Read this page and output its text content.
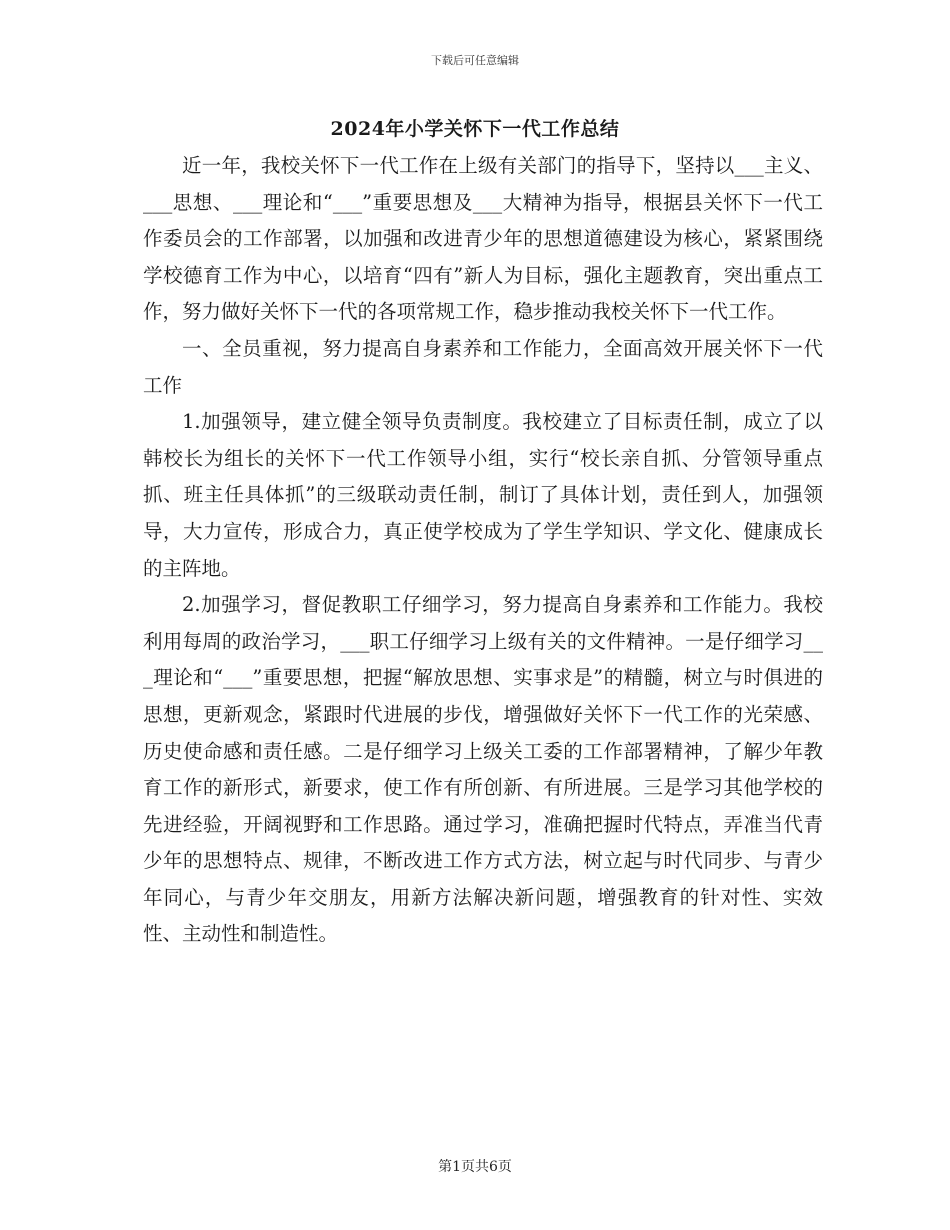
下载后可任意编辑
2024年小学关怀下一代工作总结

近一年，我校关怀下一代工作在上级有关部门的指导下，坚持以___主义、___思想、___理论和“___”重要思想及___大精神为指导，根据县关怀下一代工作委员会的工作部署，以加强和改进青少年的思想道德建设为核心，紧紧围绕学校德育工作为中心，以培育“四有”新人为目标，强化主题教育，突出重点工作，努力做好关怀下一代的各项常规工作，稳步推动我校关怀下一代工作。

一、全员重视，努力提高自身素养和工作能力，全面高效开展关怀下一代工作

1.加强领导，建立健全领导负责制度。我校建立了目标责任制，成立了以韩校长为组长的关怀下一代工作领导小组，实行“校长亲自抓、分管领导重点抓、班主任具体抓”的三级联动责任制，制订了具体计划，责任到人，加强领导，大力宣传，形成合力，真正使学校成为了学生学知识、学文化、健康成长的主阵地。

2.加强学习，督促教职工仔细学习，努力提高自身素养和工作能力。我校利用每周的政治学习，___职工仔细学习上级有关的文件精神。一是仔细学习___理论和“___”重要思想，把握“解放思想、实事求是”的精髓，树立与时俱进的思想，更新观念，紧跟时代进展的步伐，增强做好关怀下一代工作的光荣感、历史使命感和责任感。二是仔细学习上级关工委的工作部署精神，了解少年教育工作的新形式，新要求，使工作有所创新、有所进展。三是学习其他学校的先进经验，开阔视野和工作思路。通过学习，准确把握时代特点，弄准当代青少年的思想特点、规律，不断改进工作方式方法，树立起与时代同步、与青少年同心，与青少年交朋友，用新方法解决新问题，增强教育的针对性、实效性、主动性和制造性。

第1页共6页
